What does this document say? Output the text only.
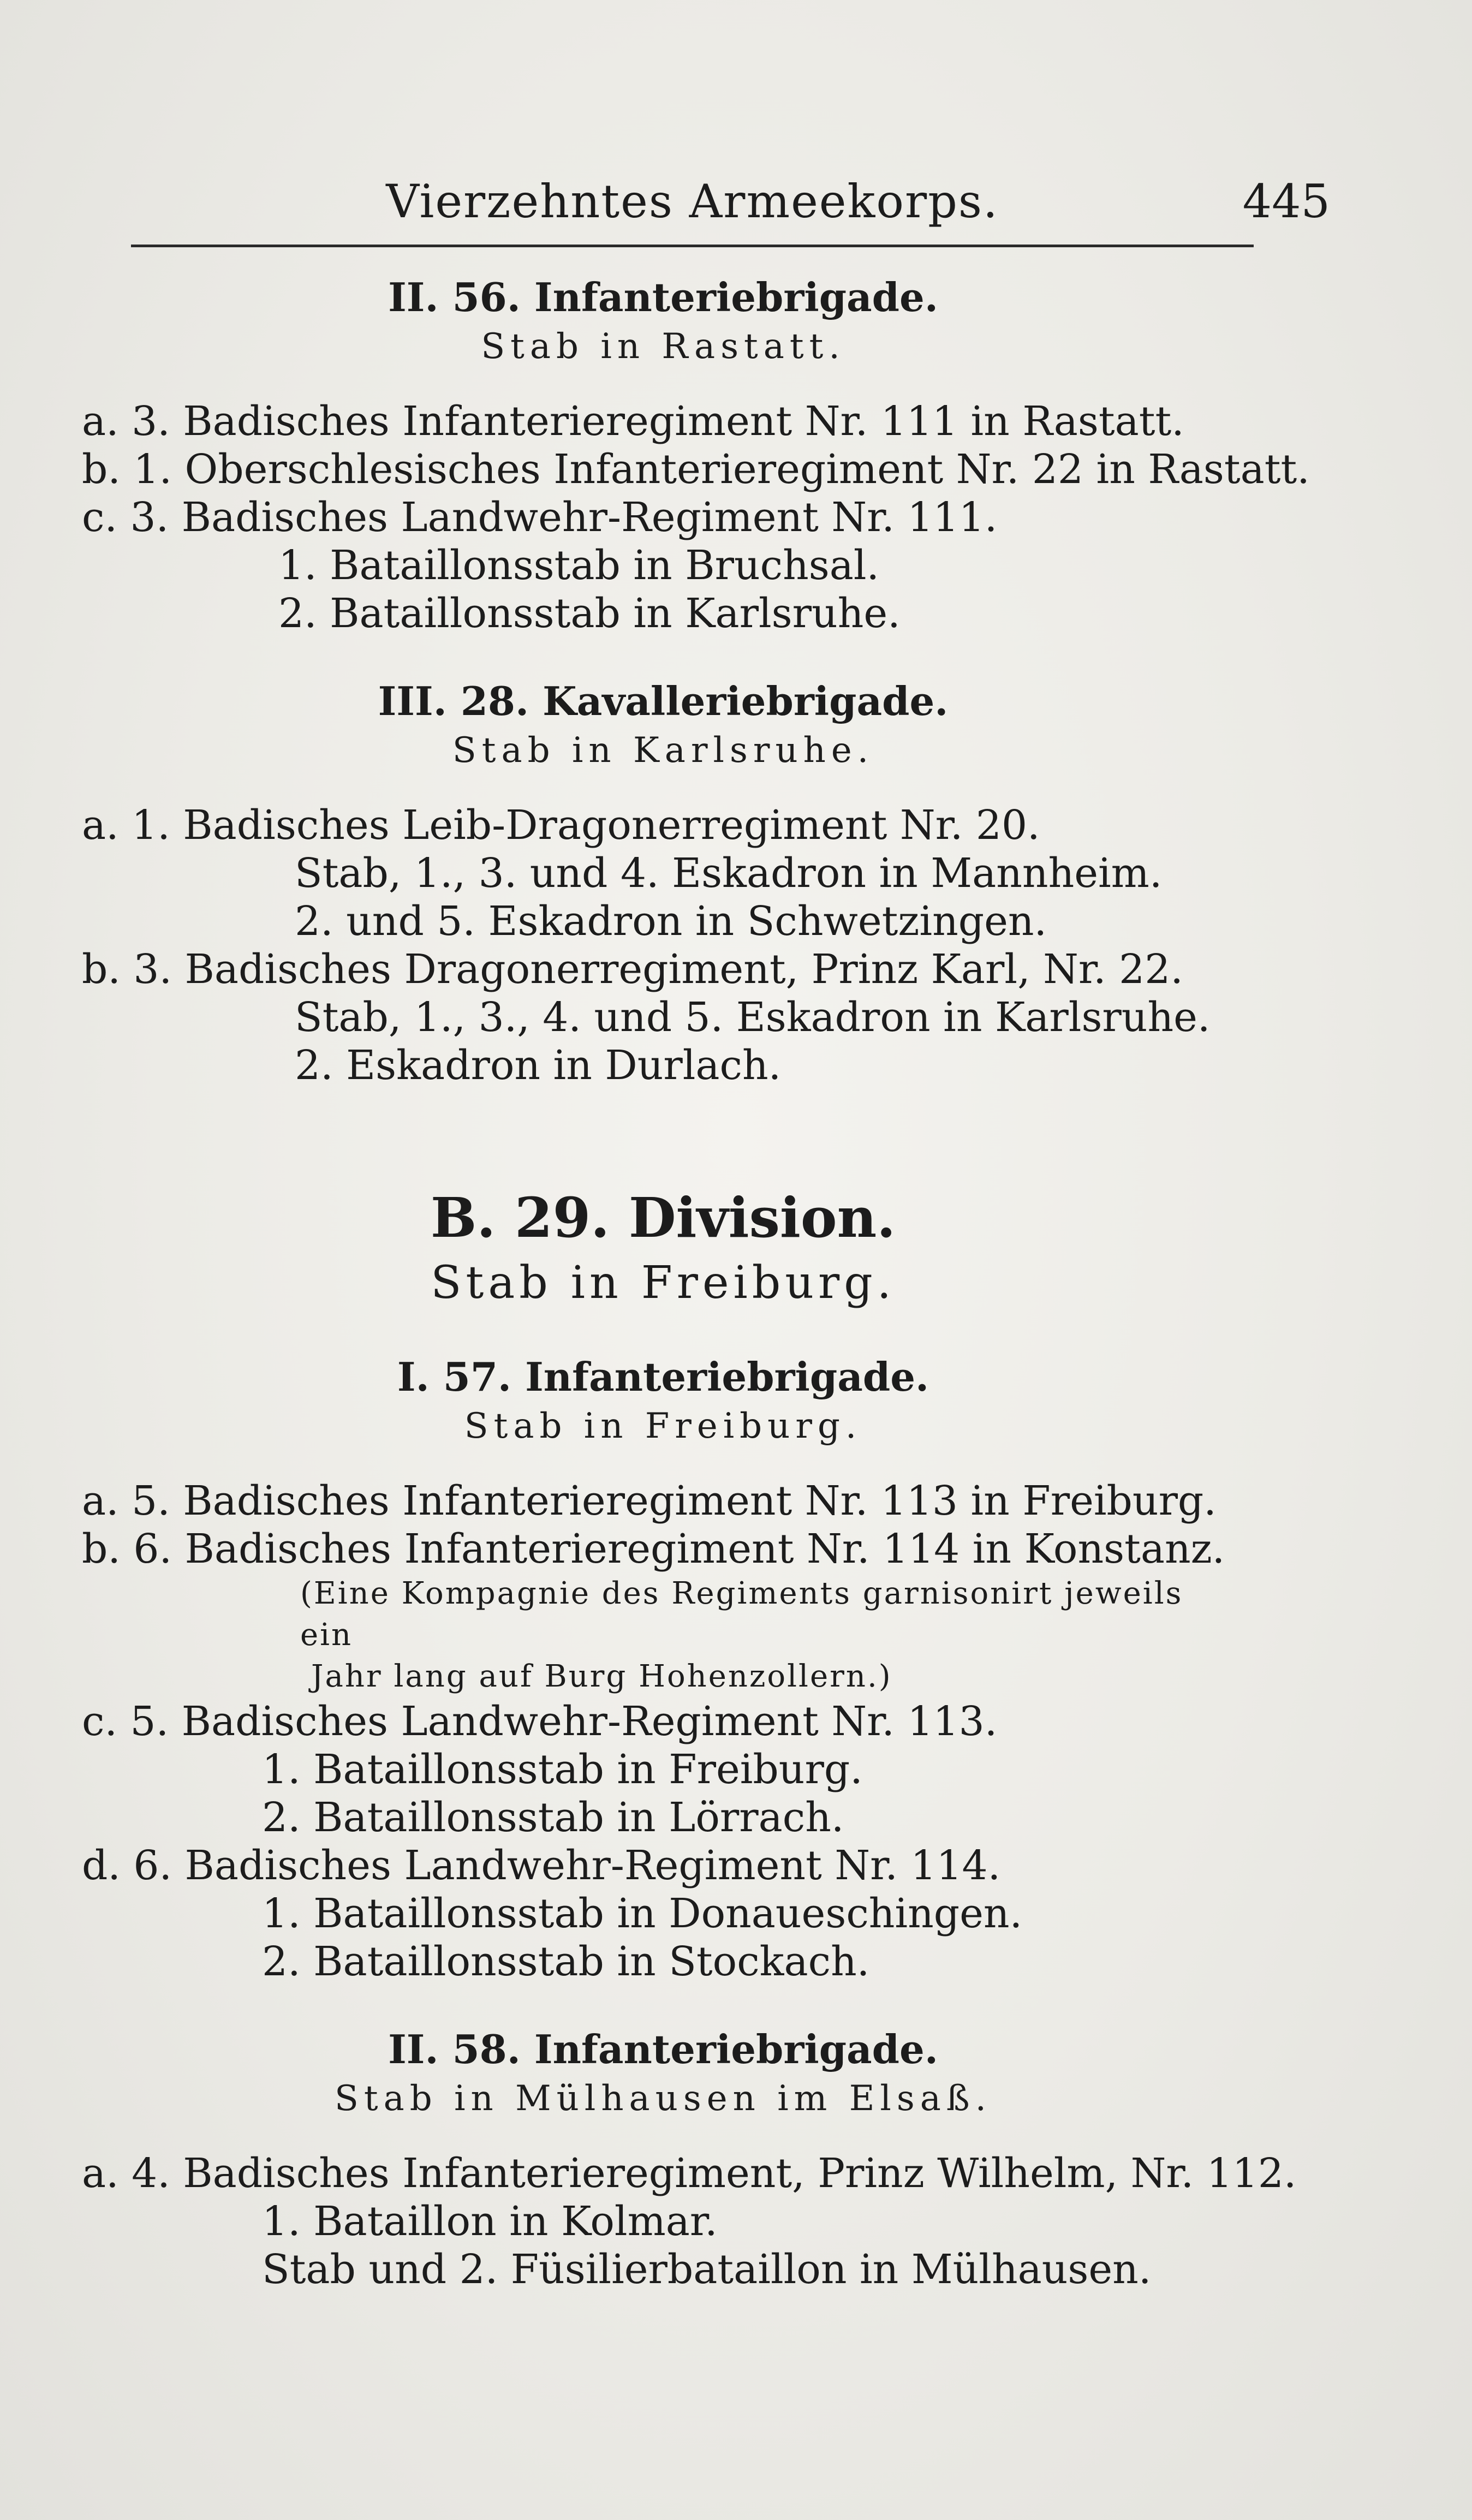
Vierzehntes Armeekorps.	445

II. 56. Infanteriebrigade.

Stab in Rastatt.

a. 3. Badisches Infanterieregiment Nr. 111 in Rastatt.

b. 1. Oberschlesisches Infanterieregiment Nr. 22 in Rastatt.

c. 3. Badisches Landwehr-Regiment Nr. 111.

1. Bataillonsstab in Bruchsal.

2. Bataillonsstab in Karlsruhe.

III. 28. Kavalleriebrigade.

Stab in Karlsruhe.

a. 1. Badisches Leib-Dragonerregiment Nr. 20.

Stab, 1., 3. und 4. Eskadron in Mannheim.

2. und 5. Eskadron in Schwetzingen.

b. 3. Badisches Dragonerregiment, Prinz Karl, Nr. 22.

Stab, 1., 3., 4. und 5. Eskadron in Karlsruhe.

2. Eskadron in Durlach.

B. 29. Division.

Stab in Freiburg.

I. 57. Infanteriebrigade.

Stab in Freiburg.

a. 5. Badisches Infanterieregiment Nr. 113 in Freiburg.

b. 6. Badisches Infanterieregiment Nr. 114 in Konstanz.

(Eine Kompagnie des Regiments garnisonirt jeweils ein

Jahr lang auf Burg Hohenzollern.)

c. 5. Badisches Landwehr-Regiment Nr. 113.

1. Bataillonsstab in Freiburg.

2. Bataillonsstab in Lörrach.

d. 6. Badisches Landwehr-Regiment Nr. 114.

1. Bataillonsstab in Donaueschingen.

2. Bataillonsstab in Stockach.

II. 58. Infanteriebrigade.

Stab in Mülhausen im Elsaß.

a. 4. Badisches Infanterieregiment, Prinz Wilhelm, Nr. 112.

1. Bataillon in Kolmar.

Stab und 2. Füsilierbataillon in Mülhausen.
